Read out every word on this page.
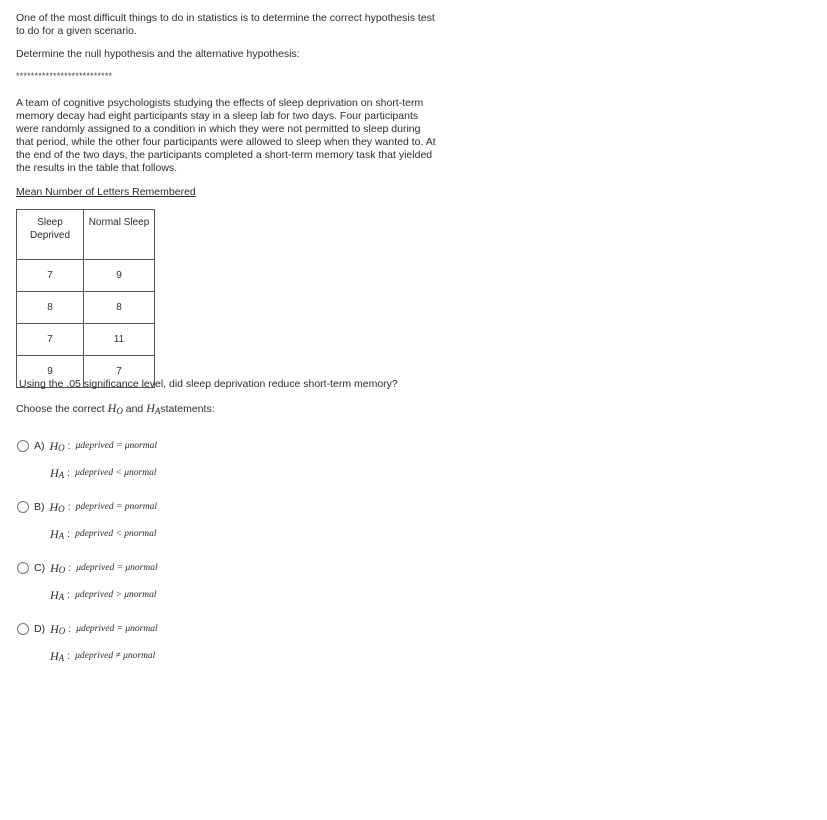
One of the most difficult things to do in statistics is to determine the correct hypothesis test to do for a given scenario.
Determine the null hypothesis and the alternative hypothesis:
**************************
A team of cognitive psychologists studying the effects of sleep deprivation on short-term memory decay had eight participants stay in a sleep lab for two days. Four participants were randomly assigned to a condition in which they were not permitted to sleep during that period, while the other four participants were allowed to sleep when they wanted to. At the end of the two days, the participants completed a short-term memory task that yielded the results in the table that follows.
Mean Number of Letters Remembered
Sleep Deprived	Normal Sleep
7	9
8	8
7	11
9	7
Using the .05 significance level, did sleep deprivation reduce short-term memory?
Choose the correct HO and HAstatements:
A) H O : μdeprived = μnormal
H A : μdeprived < μnormal
B) H O : pdeprived = pnormal
H A : pdeprived < pnormal
C) H O : μdeprived = μnormal
H A : μdeprived > μnormal
D) H O : μdeprived = μnormal
H A : μdeprived ≠ μnormal
